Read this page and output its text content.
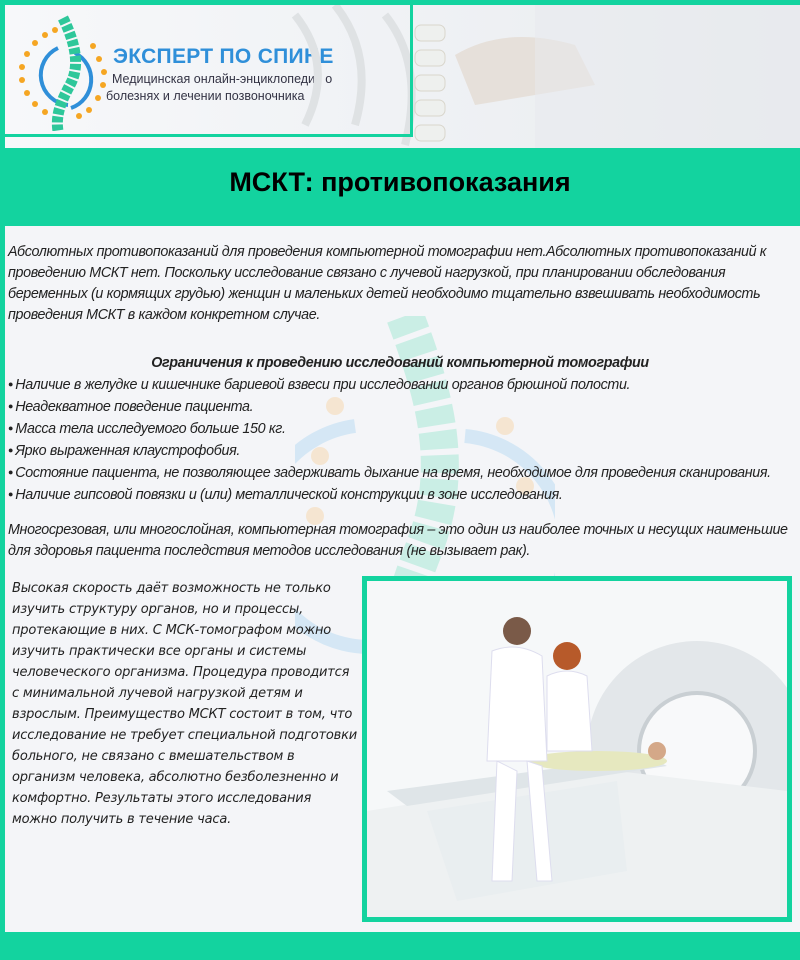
ЭКСПЕРТ ПО СПИНЕ
Медицинская онлайн-энциклопедия о
болезнях и лечении позвоночника
МСКТ: противопоказания

Абсолютных противопоказаний для проведения компьютерной томографии нет.Абсолютных противопоказаний к проведению МСКТ нет. Поскольку исследование связано с лучевой нагрузкой, при планировании обследования беременных (и кормящих грудью) женщин и маленьких детей необходимо тщательно взвешивать необходимость проведения МСКТ в каждом конкретном случае.

Ограничения к проведению исследований компьютерной томографии

● Наличие в желудке и кишечнике бариевой взвеси при исследовании органов брюшной полости.
● Неадекватное поведение пациента.
● Масса тела исследуемого больше 150 кг.
● Ярко выраженная клаустрофобия.
● Состояние пациента, не позволяющее задерживать дыхание на время, необходимое для проведения сканирования.
● Наличие гипсовой повязки и (или) металлической конструкции в зоне исследования.

Многосрезовая, или многослойная, компьютерная томография – это один из наиболее точных и несущих наименьшие для здоровья пациента последствия методов исследования (не вызывает рак).

Высокая скорость даёт возможность не только изучить структуру органов, но и процессы, протекающие в них. С МСК-томографом можно изучить практически все органы и системы человеческого организма. Процедура проводится с минимальной лучевой нагрузкой детям и взрослым. Преимущество МСКТ состоит в том, что исследование не требует специальной подготовки больного, не связано с вмешательством в организм человека, абсолютно безболезненно и комфортно. Результаты этого исследования можно получить в течение часа.
